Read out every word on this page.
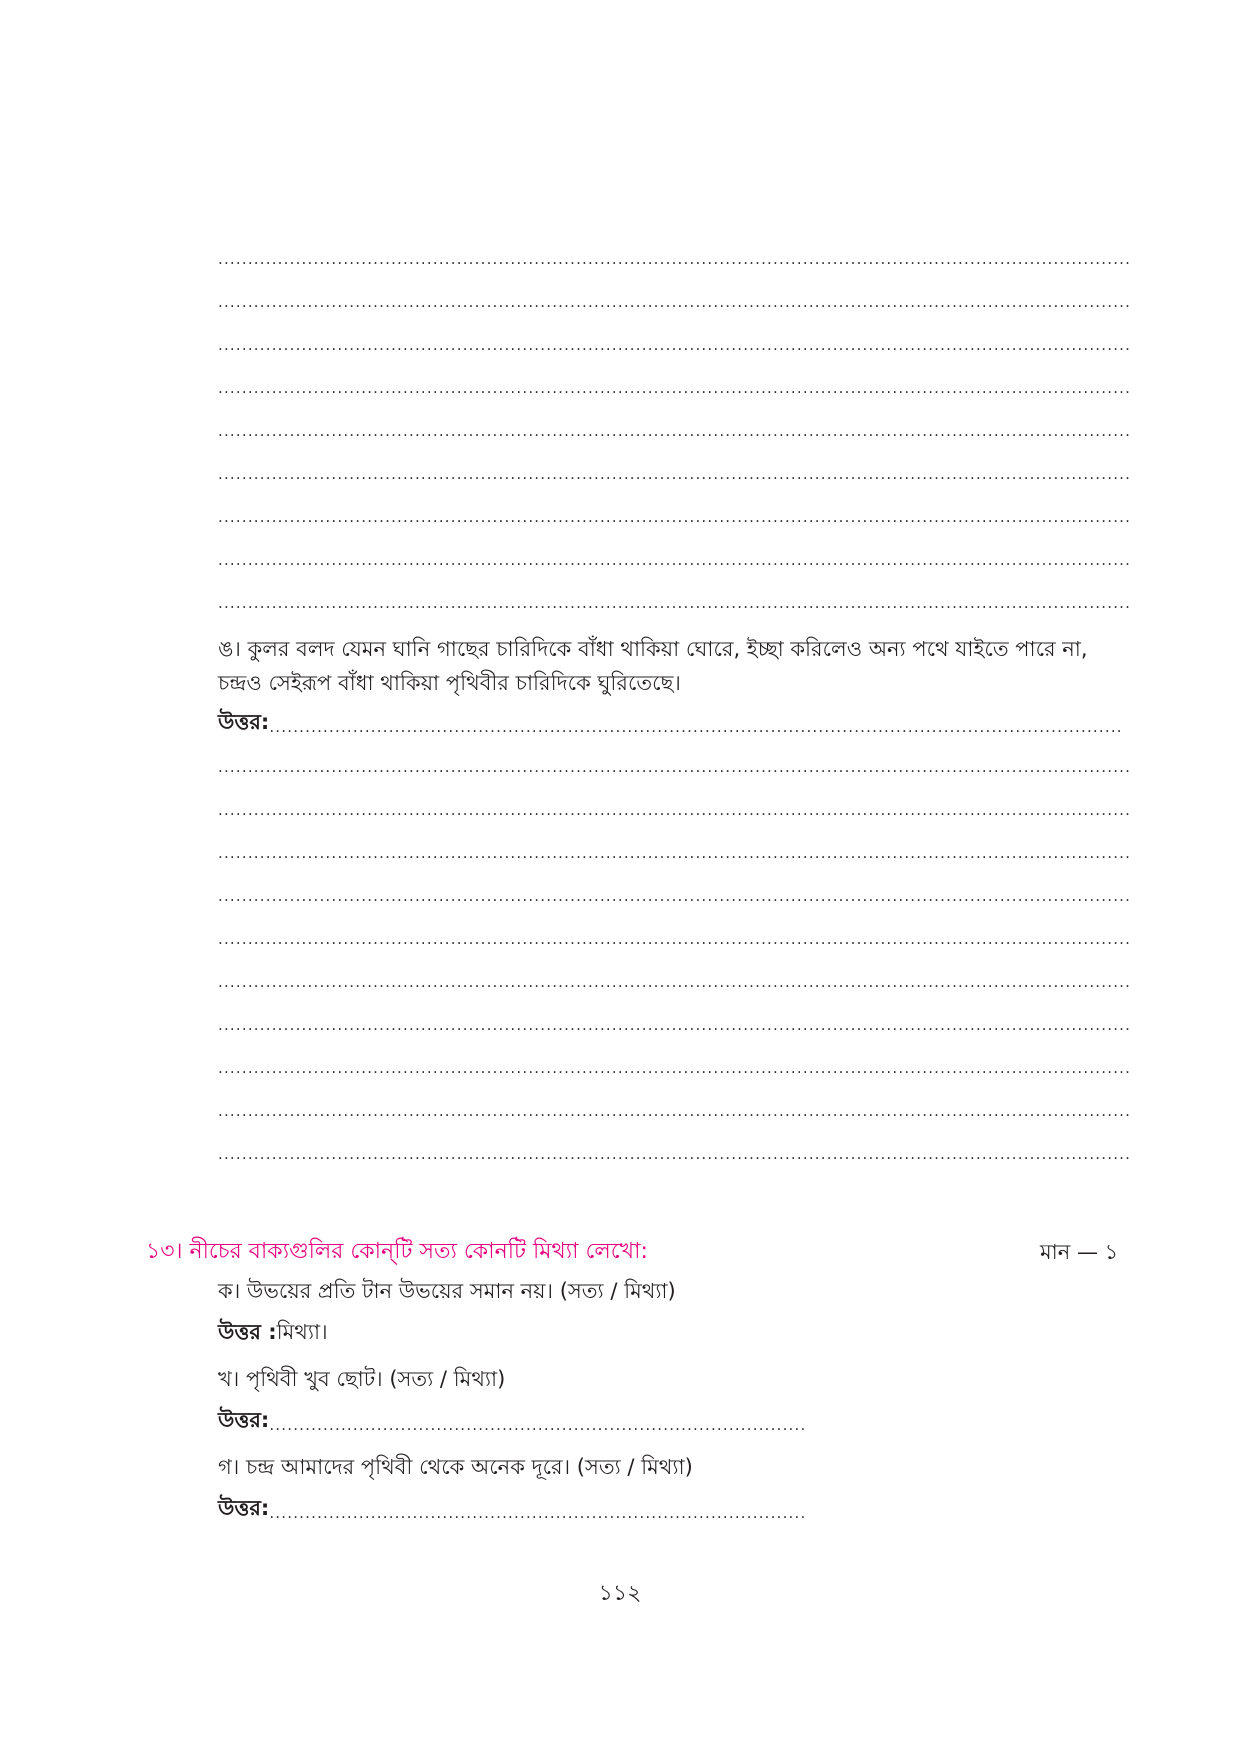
.....
.....
.....
.....
.....
.....
.....
.....
.....
ঙ। কুলর বলদ যেমন ঘানি গাছের চারিদিকে বাঁধা থাকিয়া ঘোরে, ইচ্ছা করিলেও অন্য পথে যাইতে পারে না,
চন্দ্রও সেইরূপ বাঁধা থাকিয়া পৃথিবীর চারিদিকে ঘুরিতেছে।
উত্তর:
.....
.....
.....
.....
.....
.....
.....
.....
.....
.....
.....
১৩। নীচের বাক্যগুলির কোন্‌টি সত্য কোনটি মিথ্যা লেখো:	মান — ১
ক। উভয়ের প্রতি টান উভয়ের সমান নয়। (সত্য / মিথ্যা)
উত্তর : মিথ্যা।
খ। পৃথিবী খুব ছোট। (সত্য / মিথ্যা)
উত্তর:
.....
গ। চন্দ্র আমাদের পৃথিবী থেকে অনেক দূরে। (সত্য / মিথ্যা)
উত্তর:
.....
১১২
